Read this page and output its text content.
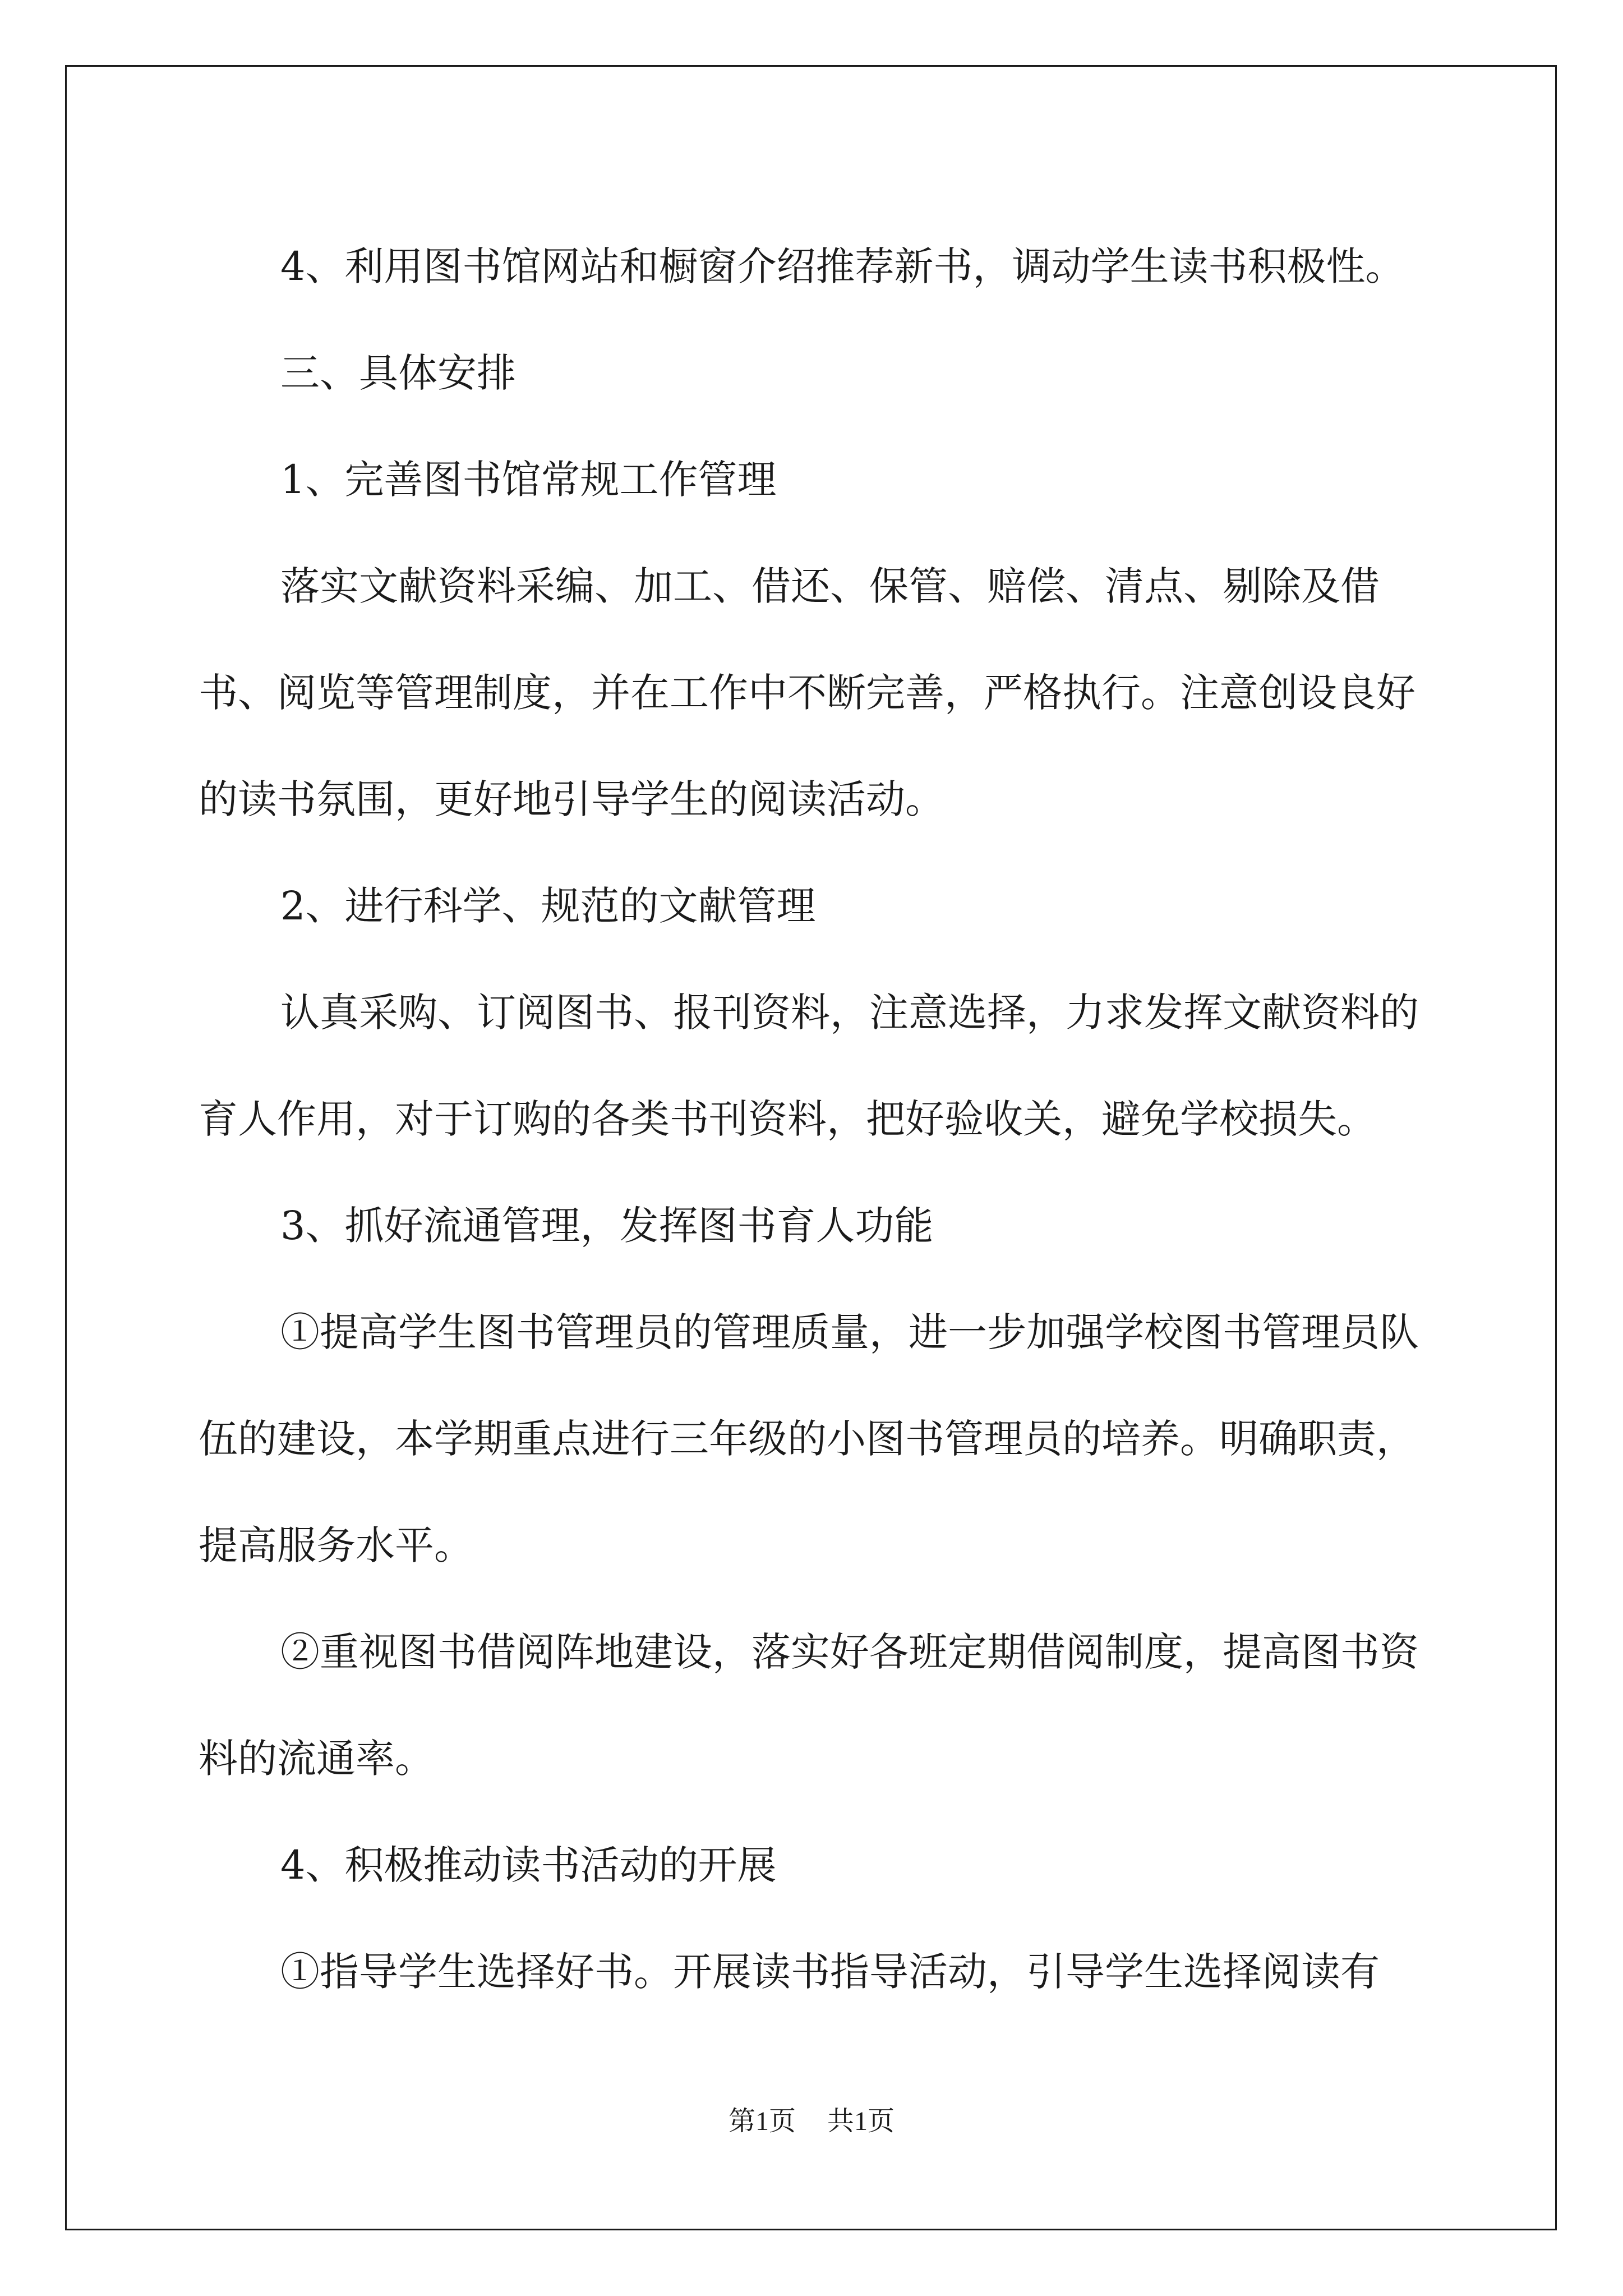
4、利用图书馆网站和橱窗介绍推荐新书，调动学生读书积极性。

三、具体安排

1、完善图书馆常规工作管理

落实文献资料采编、加工、借还、保管、赔偿、清点、剔除及借书、阅览等管理制度，并在工作中不断完善，严格执行。注意创设良好的读书氛围，更好地引导学生的阅读活动。

2、进行科学、规范的文献管理

认真采购、订阅图书、报刊资料，注意选择，力求发挥文献资料的育人作用，对于订购的各类书刊资料，把好验收关，避免学校损失。

3、抓好流通管理，发挥图书育人功能

①提高学生图书管理员的管理质量，进一步加强学校图书管理员队伍的建设，本学期重点进行三年级的小图书管理员的培养。明确职责，提高服务水平。

②重视图书借阅阵地建设，落实好各班定期借阅制度，提高图书资料的流通率。

4、积极推动读书活动的开展

①指导学生选择好书。开展读书指导活动，引导学生选择阅读有

第1页 共1页
